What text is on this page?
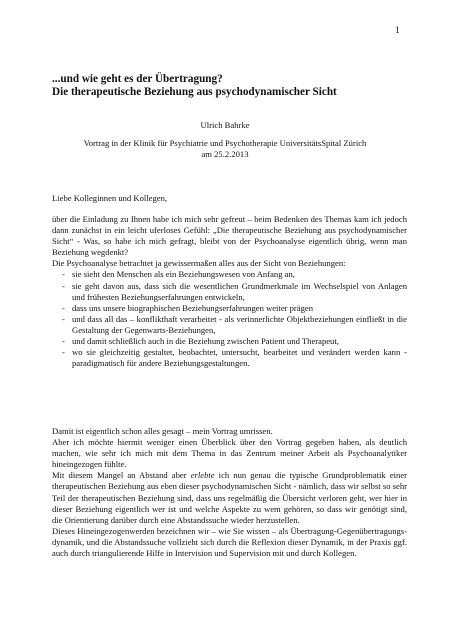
1
...und wie geht es der Übertragung?
Die therapeutische Beziehung aus psychodynamischer Sicht
Ulrich Bahrke
Vortrag in der Klinik für Psychiatrie und Psychotherapie UniversitätsSpital Zürich
am 25.2.2013
Liebe Kolleginnen und Kollegen,

über die Einladung zu Ihnen habe ich mich sehr gefreut – beim Bedenken des Themas kam ich jedoch dann zunächst in ein leicht uferloses Gefühl: „Die therapeutische Beziehung aus psychodynamischer Sicht“ - Was, so habe ich mich gefragt, bleibt von der Psychoanalyse eigentlich übrig, wenn man Beziehung wegdenkt?

Die Psychoanalyse betrachtet ja gewissermaßen alles aus der Sicht von Beziehungen:

- sie sieht den Menschen als ein Beziehungswesen von Anfang an,
- sie geht davon aus, dass sich die wesentlichen Grundmerkmale im Wechselspiel von Anlagen und frühesten Beziehungserfahrungen entwickeln,
- dass uns unsere biographischen Beziehungserfahrungen weiter prägen
- und dass all das – konflikthaft verarbeitet - als verinnerlichte Objektbeziehungen einfließt in die Gestaltung der Gegenwarts-Beziehungen,
- und damit schließlich auch in die Beziehung zwischen Patient und Therapeut,
- wo sie gleichzeitig gestaltet, beobachtet, untersucht, bearbeitet und verändert werden kann - paradigmatisch für andere Beziehungsgestaltungen.

Damit ist eigentlich schon alles gesagt – mein Vortrag umrissen.

Aber ich möchte hiermit weniger einen Überblick über den Vortrag gegeben haben, als deutlich machen, wie sehr ich mich mit dem Thema in das Zentrum meiner Arbeit als Psychoanalytiker hineingezogen fühlte.

Mit diesem Mangel an Abstand aber erlebte ich nun genau die typische Grundproblematik einer therapeutischen Beziehung aus eben dieser psychodynamischen Sicht - nämlich, dass wir selbst so sehr Teil der therapeutischen Beziehung sind, dass uns regelmäßig die Übersicht verloren geht, wer hier in dieser Beziehung eigentlich wer ist und welche Aspekte zu wem gehören, so dass wir genötigt sind, die Orientierung darüber durch eine Abstandssuche wieder herzustellen.

Dieses Hineingezogenwerden bezeichnen wir – wie Sie wissen – als Übertragung-Gegenübertragungs-dynamik, und die Abstandssuche vollzieht sich durch die Reflexion dieser Dynamik, in der Praxis ggf. auch durch triangulierende Hilfe in Intervision und Supervision mit und durch Kollegen.
